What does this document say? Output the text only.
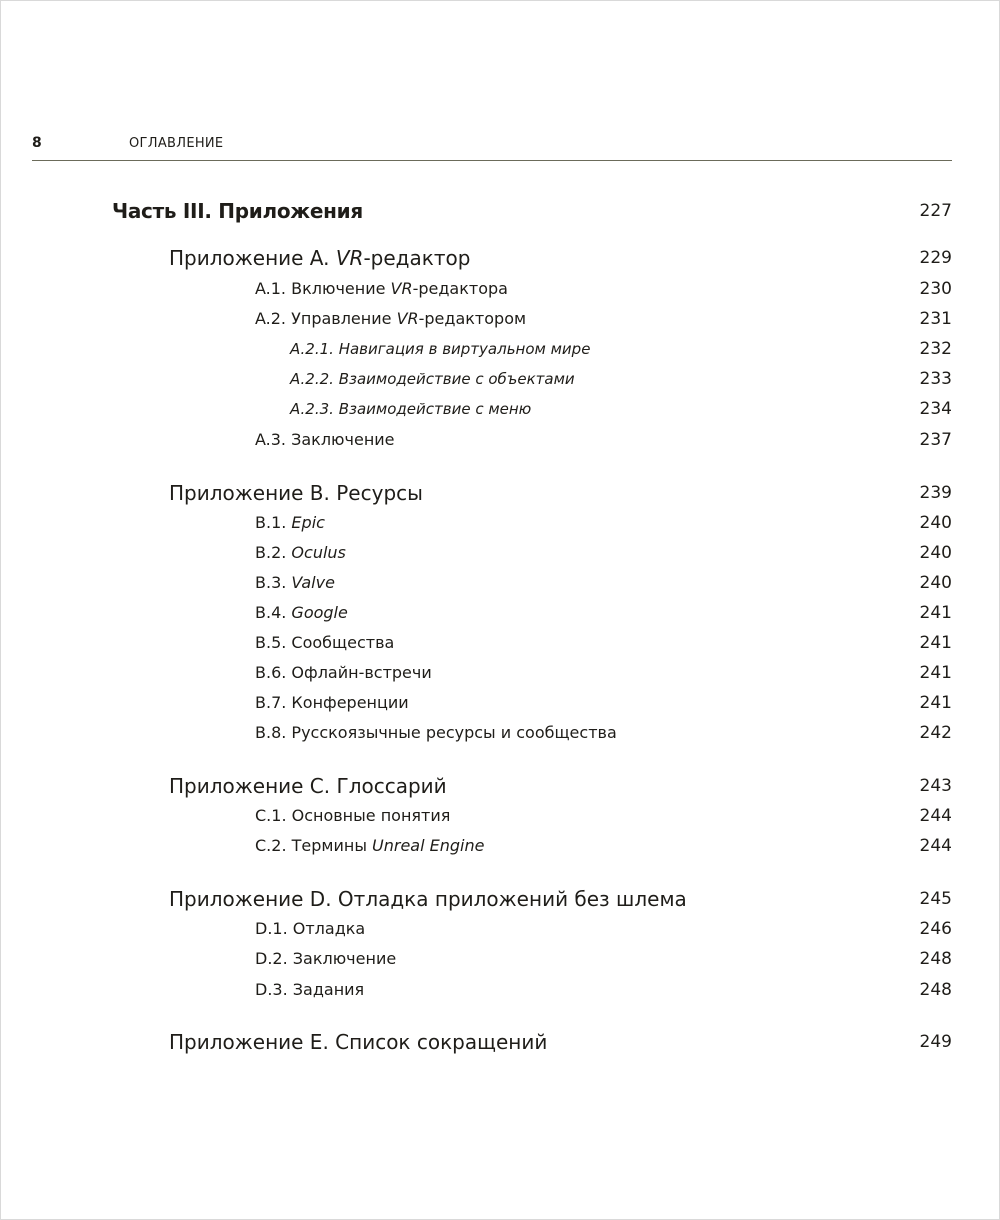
8	ОГЛАВЛЕНИЕ
Часть III. Приложения	227
Приложение A. VR-редактор	229
A.1. Включение VR-редактора	230
A.2. Управление VR-редактором	231
A.2.1. Навигация в виртуальном мире	232
A.2.2. Взаимодействие с объектами	233
A.2.3. Взаимодействие с меню	234
A.3. Заключение	237
Приложение B. Ресурсы	239
B.1. Epic	240
B.2. Oculus	240
B.3. Valve	240
B.4. Google	241
B.5. Сообщества	241
B.6. Офлайн-встречи	241
B.7. Конференции	241
B.8. Русскоязычные ресурсы и сообщества	242
Приложение C. Глоссарий	243
C.1. Основные понятия	244
C.2. Термины Unreal Engine	244
Приложение D. Отладка приложений без шлема	245
D.1. Отладка	246
D.2. Заключение	248
D.3. Задания	248
Приложение E. Список сокращений	249
